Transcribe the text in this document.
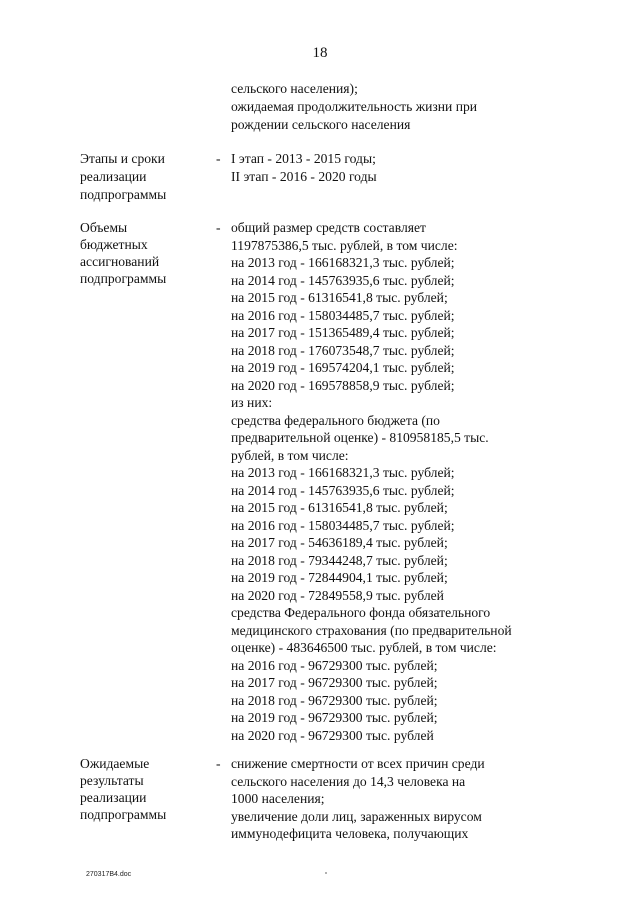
18
сельского населения);
ожидаемая продолжительность жизни при
рождении сельского населения
Этапы и сроки
реализации
подпрограммы
- I этап - 2013 - 2015 годы;
II этап - 2016 - 2020 годы
Объемы
бюджетных
ассигнований
подпрограммы
- общий размер средств составляет
1197875386,5 тыс. рублей, в том числе:
на 2013 год - 166168321,3 тыс. рублей;
на 2014 год - 145763935,6 тыс. рублей;
на 2015 год - 61316541,8 тыс. рублей;
на 2016 год - 158034485,7 тыс. рублей;
на 2017 год - 151365489,4 тыс. рублей;
на 2018 год - 176073548,7 тыс. рублей;
на 2019 год - 169574204,1 тыс. рублей;
на 2020 год - 169578858,9 тыс. рублей;
из них:
средства федерального бюджета (по
предварительной оценке) - 810958185,5 тыс.
рублей, в том числе:
на 2013 год - 166168321,3 тыс. рублей;
на 2014 год - 145763935,6 тыс. рублей;
на 2015 год - 61316541,8 тыс. рублей;
на 2016 год - 158034485,7 тыс. рублей;
на 2017 год - 54636189,4 тыс. рублей;
на 2018 год - 79344248,7 тыс. рублей;
на 2019 год - 72844904,1 тыс. рублей;
на 2020 год - 72849558,9 тыс. рублей
средства Федерального фонда обязательного
медицинского страхования (по предварительной
оценке) - 483646500 тыс. рублей, в том числе:
на 2016 год - 96729300 тыс. рублей;
на 2017 год - 96729300 тыс. рублей;
на 2018 год - 96729300 тыс. рублей;
на 2019 год - 96729300 тыс. рублей;
на 2020 год - 96729300 тыс. рублей
Ожидаемые
результаты
реализации
подпрограммы
- снижение смертности от всех причин среди
сельского населения до 14,3 человека на
1000 населения;
увеличение доли лиц, зараженных вирусом
иммунодефицита человека, получающих
270317В4.doc
